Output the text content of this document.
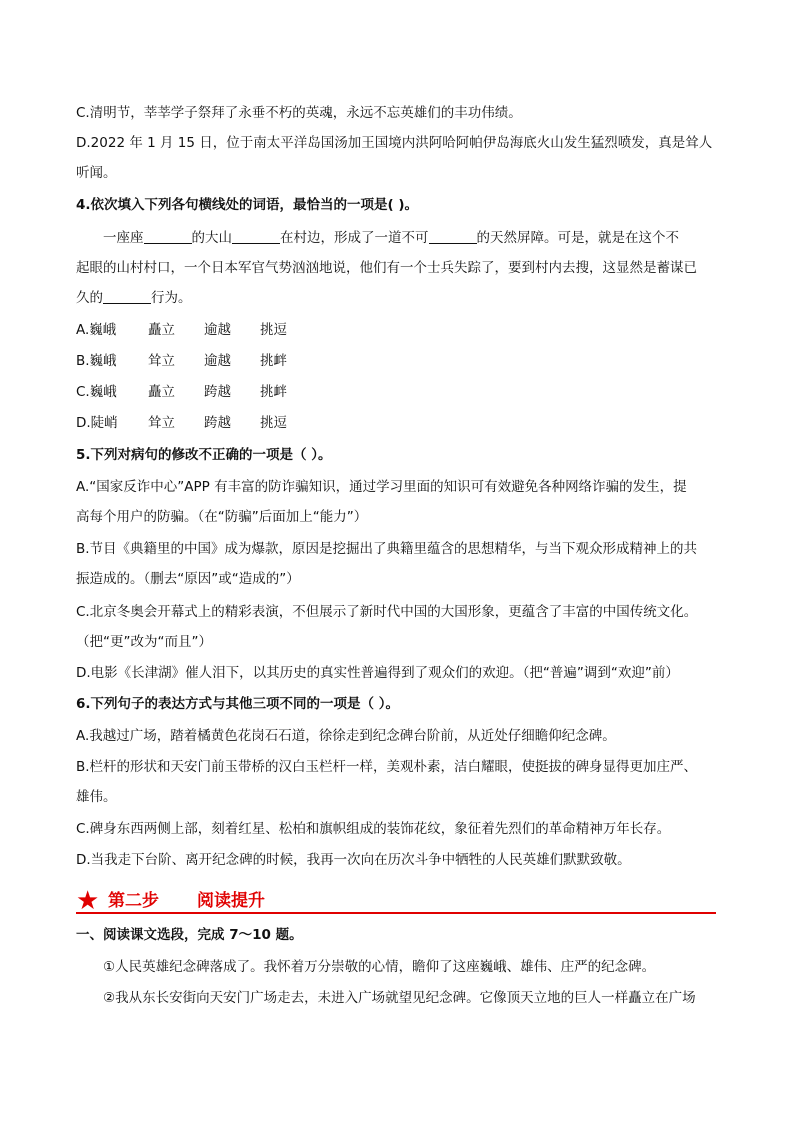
C.清明节，莘莘学子祭拜了永垂不朽的英魂，永远不忘英雄们的丰功伟绩。
D.2022 年 1 月 15 日，位于南太平洋岛国汤加王国境内洪阿哈阿帕伊岛海底火山发生猛烈喷发，真是耸人
听闻。
4.依次填入下列各句横线处的词语，最恰当的一项是( )。
一座座	的大山	在村边，形成了一道不可	的天然屏障。可是，就是在这个不
起眼的山村村口，一个日本军官气势汹汹地说，他们有一个士兵失踪了，要到村内去搜，这显然是蓄谋已
久的	行为。
A.巍峨 矗立 逾越 挑逗
B.巍峨 耸立 逾越 挑衅
C.巍峨 矗立 跨越 挑衅
D.陡峭 耸立 跨越 挑逗
5.下列对病句的修改不正确的一项是（ ）。
A.“国家反诈中心”APP 有丰富的防诈骗知识，通过学习里面的知识可有效避免各种网络诈骗的发生，提
高每个用户的防骗。（在“防骗”后面加上“能力”）
B.节目《典籍里的中国》成为爆款，原因是挖掘出了典籍里蕴含的思想精华，与当下观众形成精神上的共
振造成的。（删去“原因”或“造成的”）
C.北京冬奥会开幕式上的精彩表演，不但展示了新时代中国的大国形象，更蕴含了丰富的中国传统文化。
（把“更”改为“而且”）
D.电影《长津湖》催人泪下，以其历史的真实性普遍得到了观众们的欢迎。（把“普遍”调到“欢迎”前）
6.下列句子的表达方式与其他三项不同的一项是（ ）。
A.我越过广场，踏着橘黄色花岗石石道，徐徐走到纪念碑台阶前，从近处仔细瞻仰纪念碑。
B.栏杆的形状和天安门前玉带桥的汉白玉栏杆一样，美观朴素，洁白耀眼，使挺拔的碑身显得更加庄严、
雄伟。
C.碑身东西两侧上部，刻着红星、松柏和旗帜组成的装饰花纹，象征着先烈们的革命精神万年长存。
D.当我走下台阶、离开纪念碑的时候，我再一次向在历次斗争中牺牲的人民英雄们默默致敬。
★ 第二步 阅读提升
一、阅读课文选段，完成 7～10 题。
①人民英雄纪念碑落成了。我怀着万分崇敬的心情，瞻仰了这座巍峨、雄伟、庄严的纪念碑。
②我从东长安街向天安门广场走去，未进入广场就望见纪念碑。它像顶天立地的巨人一样矗立在广场
